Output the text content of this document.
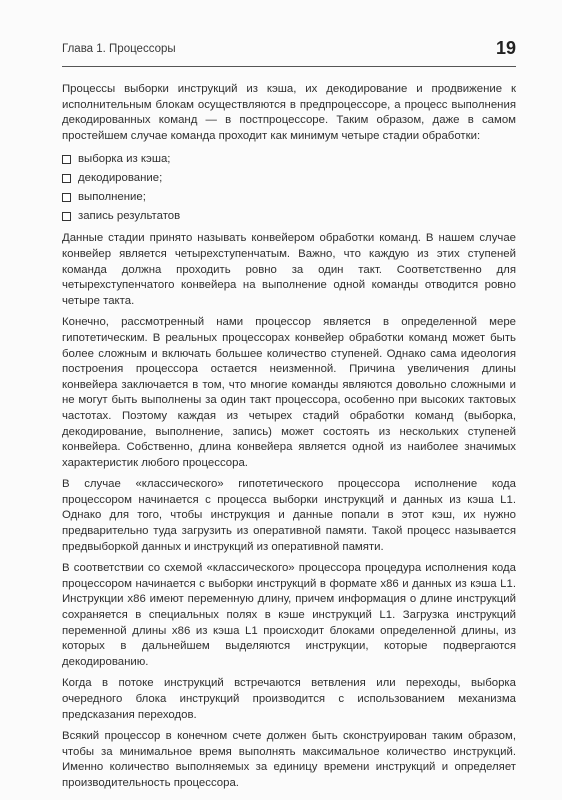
Глава 1. Процессоры	19

Процессы выборки инструкций из кэша, их декодирование и продвижение к исполнительным блокам осуществляются в предпроцессоре, а процесс выполнения декодированных команд — в постпроцессоре. Таким образом, даже в самом простейшем случае команда проходит как минимум четыре стадии обработки:

выборка из кэша;
декодирование;
выполнение;
запись результатов

Данные стадии принято называть конвейером обработки команд. В нашем случае конвейер является четырехступенчатым. Важно, что каждую из этих ступеней команда должна проходить ровно за один такт. Соответственно для четырехступенчатого конвейера на выполнение одной команды отводится ровно четыре такта.

Конечно, рассмотренный нами процессор является в определенной мере гипотетическим. В реальных процессорах конвейер обработки команд может быть более сложным и включать большее количество ступеней. Однако сама идеология построения процессора остается неизменной. Причина увеличения длины конвейера заключается в том, что многие команды являются довольно сложными и не могут быть выполнены за один такт процессора, особенно при высоких тактовых частотах. Поэтому каждая из четырех стадий обработки команд (выборка, декодирование, выполнение, запись) может состоять из нескольких ступеней конвейера. Собственно, длина конвейера является одной из наиболее значимых характеристик любого процессора.

В случае «классического» гипотетического процессора исполнение кода процессором начинается с процесса выборки инструкций и данных из кэша L1. Однако для того, чтобы инструкция и данные попали в этот кэш, их нужно предварительно туда загрузить из оперативной памяти. Такой процесс называется предвыборкой данных и инструкций из оперативной памяти.

В соответствии со схемой «классического» процессора процедура исполнения кода процессором начинается с выборки инструкций в формате x86 и данных из кэша L1. Инструкции x86 имеют переменную длину, причем информация о длине инструкций сохраняется в специальных полях в кэше инструкций L1. Загрузка инструкций переменной длины x86 из кэша L1 происходит блоками определенной длины, из которых в дальнейшем выделяются инструкции, которые подвергаются декодированию.

Когда в потоке инструкций встречаются ветвления или переходы, выборка очередного блока инструкций производится с использованием механизма предсказания переходов.

Всякий процессор в конечном счете должен быть сконструирован таким образом, чтобы за минимальное время выполнять максимальное количество инструкций. Именно количество выполняемых за единицу времени инструкций и определяет производительность процессора.
